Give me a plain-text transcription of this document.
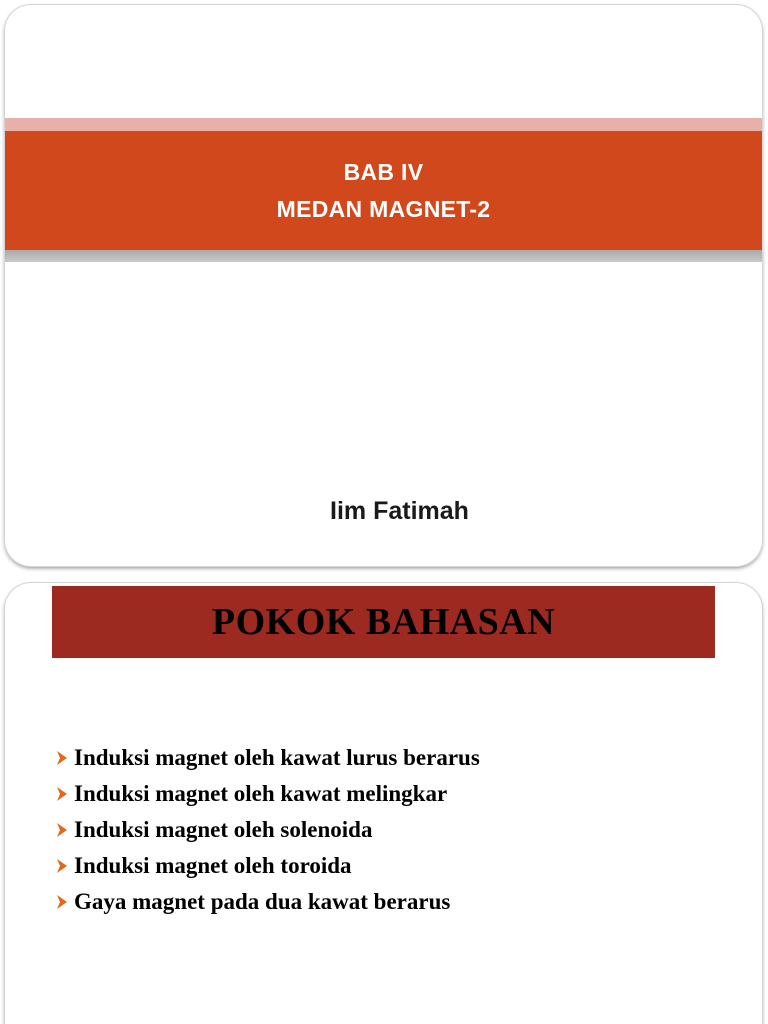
BAB IV
MEDAN MAGNET-2
Iim Fatimah
POKOK BAHASAN
Induksi magnet oleh kawat lurus berarus
Induksi magnet oleh kawat melingkar
Induksi magnet oleh solenoida
Induksi magnet oleh toroida
Gaya magnet pada dua kawat berarus
